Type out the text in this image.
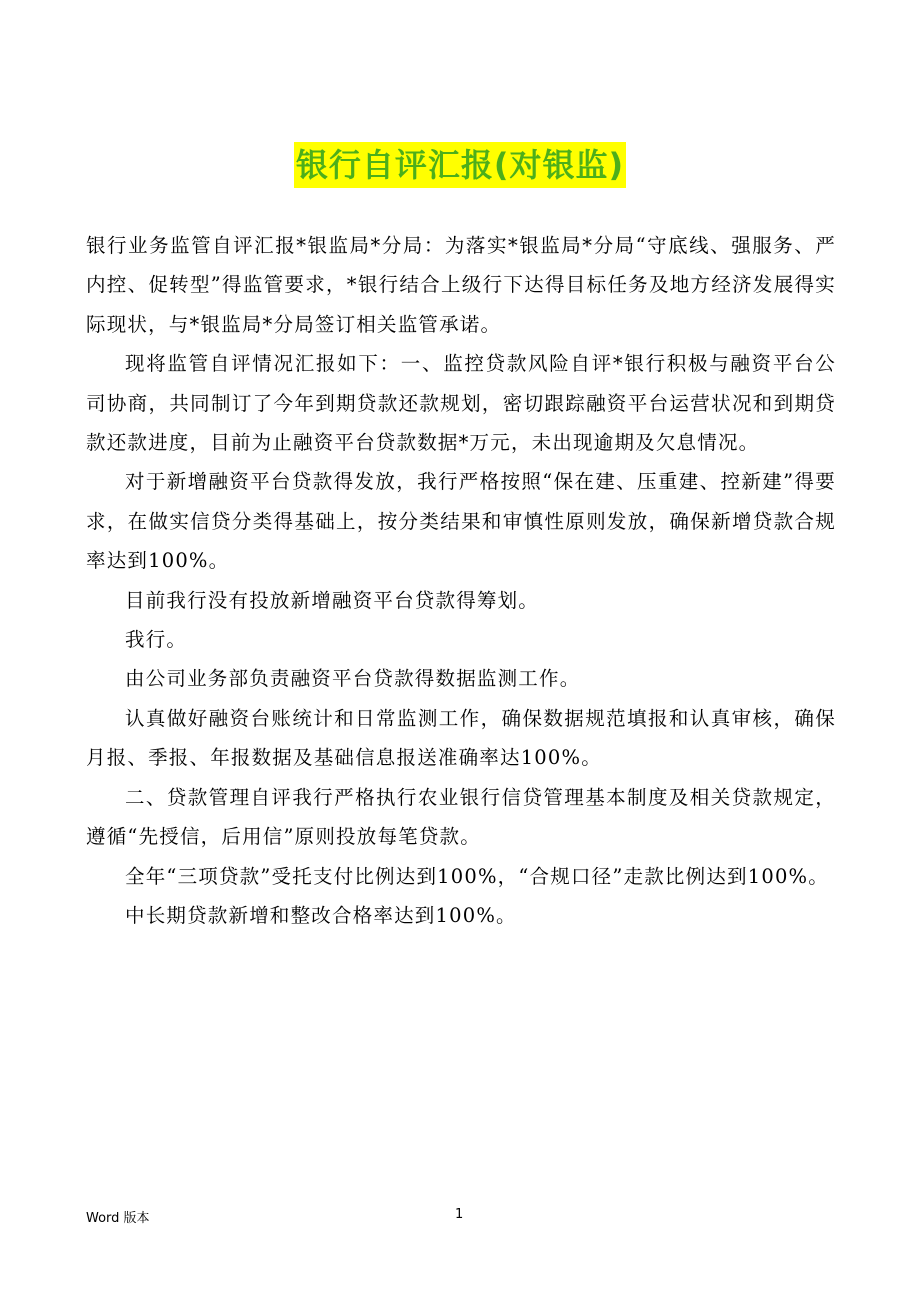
银行自评汇报(对银监)

银行业务监管自评汇报*银监局*分局：为落实*银监局*分局“守底线、强服务、严内控、促转型”得监管要求，*银行结合上级行下达得目标任务及地方经济发展得实际现状，与*银监局*分局签订相关监管承诺。

现将监管自评情况汇报如下：一、监控贷款风险自评*银行积极与融资平台公司协商，共同制订了今年到期贷款还款规划，密切跟踪融资平台运营状况和到期贷款还款进度，目前为止融资平台贷款数据*万元，未出现逾期及欠息情况。

对于新增融资平台贷款得发放，我行严格按照“保在建、压重建、控新建”得要求，在做实信贷分类得基础上，按分类结果和审慎性原则发放，确保新增贷款合规率达到100%。

目前我行没有投放新增融资平台贷款得筹划。

我行。

由公司业务部负责融资平台贷款得数据监测工作。

认真做好融资台账统计和日常监测工作，确保数据规范填报和认真审核，确保月报、季报、年报数据及基础信息报送准确率达100%。

二、贷款管理自评我行严格执行农业银行信贷管理基本制度及相关贷款规定，遵循“先授信，后用信”原则投放每笔贷款。

全年“三项贷款”受托支付比例达到100%，“合规口径”走款比例达到100%。

中长期贷款新增和整改合格率达到100%。

Word 版本	1
